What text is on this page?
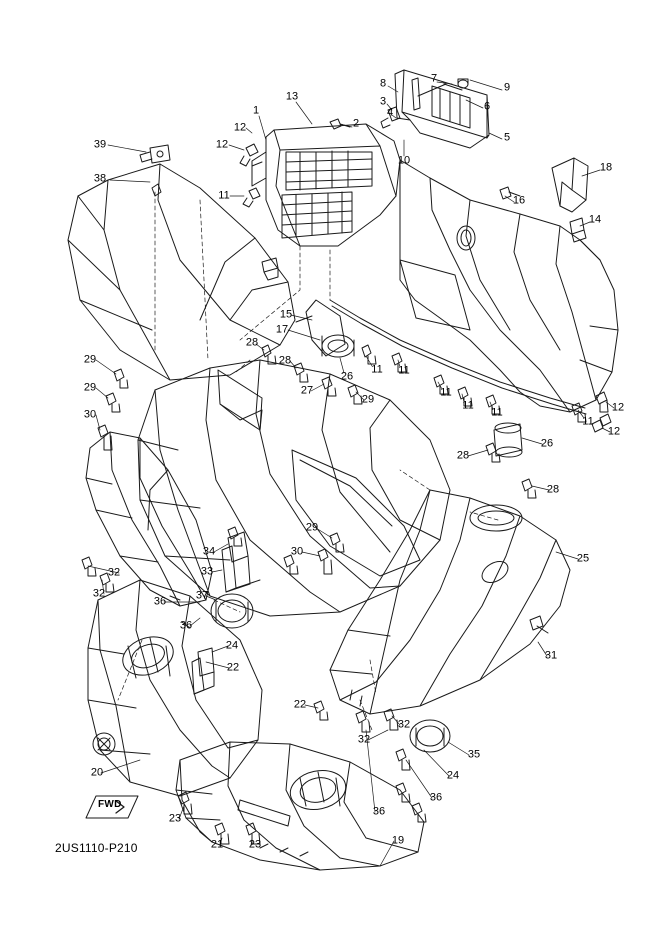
2US1110-P210
FWD
39
38
12
12
1
13
2
3
4
8	7
9
6
5
10
11	16
18
14
15
17
28
28
26
27
11 11
11
11
11
11
12
12
29
29
30
29
29
30
26
28
28
25
34
33
32
32
36
36
37
24
22
31
22
32
32
35
24
36
36
19
20
23
21 23
